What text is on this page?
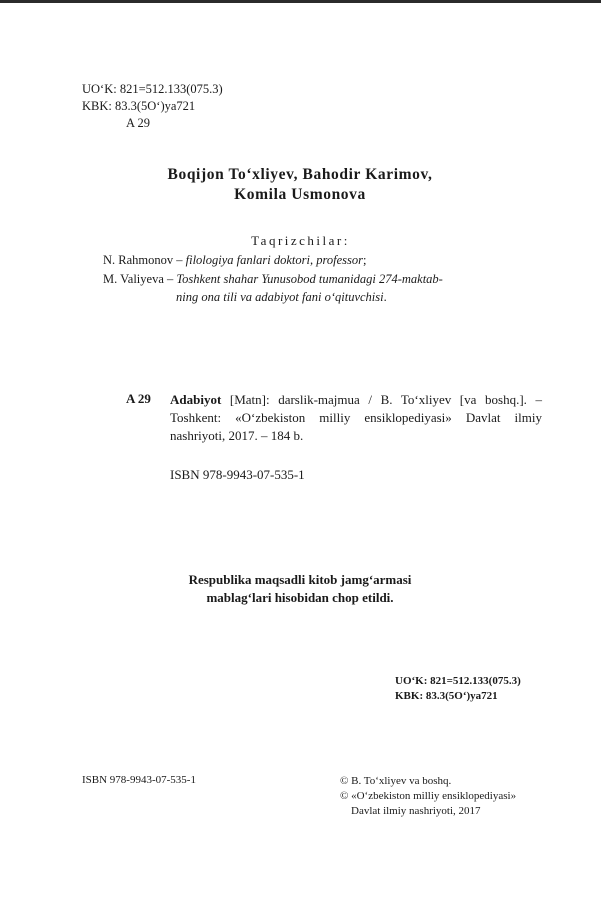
UO‘K: 821=512.133(075.3)
KBK: 83.3(5O‘)ya721
A 29
Boqijon To‘xliyev, Bahodir Karimov,
Komila Usmonova
Taqrizchilar:
N. Rahmonov – filologiya fanlari doktori, professor;
M. Valiyeva – Toshkent shahar Yunusobod tumanidagi 274-maktab-
ning ona tili va adabiyot fani o‘qituvchisi.
A 29 Adabiyot [Matn]: darslik-majmua / B. To‘xliyev [va boshq.]. – Toshkent: «O‘zbekiston milliy ensiklopediyasi» Davlat ilmiy nashriyoti, 2017. – 184 b.
ISBN 978-9943-07-535-1
Respublika maqsadli kitob jamg‘armasi
mablag‘lari hisobidan chop etildi.
UO‘K: 821=512.133(075.3)
KBK: 83.3(5O‘)ya721
ISBN 978-9943-07-535-1	© B. To‘xliyev va boshq.
© «O‘zbekiston milliy ensiklopediyasi»
Davlat ilmiy nashriyoti, 2017
